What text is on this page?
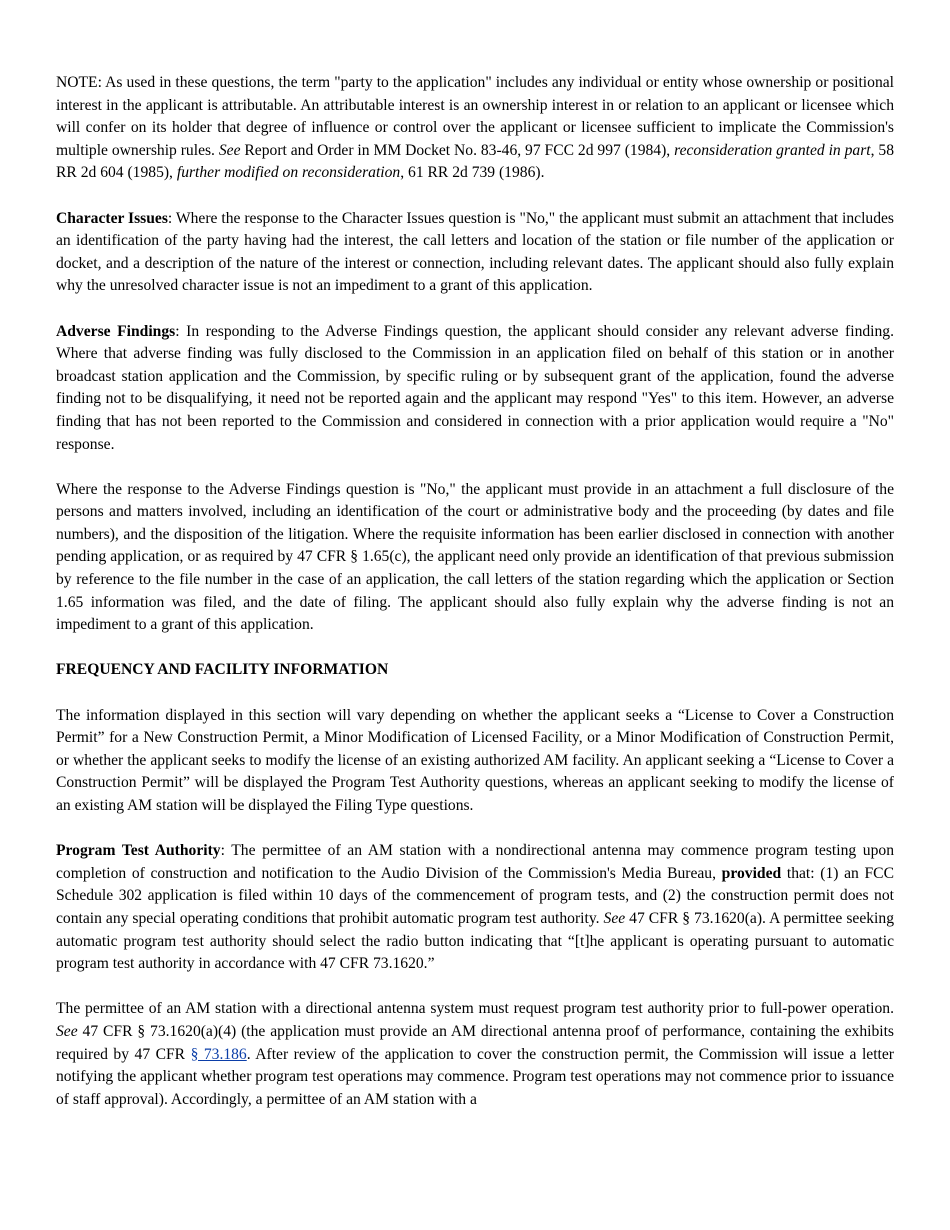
NOTE: As used in these questions, the term "party to the application" includes any individual or entity whose ownership or positional interest in the applicant is attributable. An attributable interest is an ownership interest in or relation to an applicant or licensee which will confer on its holder that degree of influence or control over the applicant or licensee sufficient to implicate the Commission's multiple ownership rules. See Report and Order in MM Docket No. 83-46, 97 FCC 2d 997 (1984), reconsideration granted in part, 58 RR 2d 604 (1985), further modified on reconsideration, 61 RR 2d 739 (1986).

Character Issues: Where the response to the Character Issues question is "No," the applicant must submit an attachment that includes an identification of the party having had the interest, the call letters and location of the station or file number of the application or docket, and a description of the nature of the interest or connection, including relevant dates. The applicant should also fully explain why the unresolved character issue is not an impediment to a grant of this application.

Adverse Findings: In responding to the Adverse Findings question, the applicant should consider any relevant adverse finding. Where that adverse finding was fully disclosed to the Commission in an application filed on behalf of this station or in another broadcast station application and the Commission, by specific ruling or by subsequent grant of the application, found the adverse finding not to be disqualifying, it need not be reported again and the applicant may respond "Yes" to this item. However, an adverse finding that has not been reported to the Commission and considered in connection with a prior application would require a "No" response.

Where the response to the Adverse Findings question is "No," the applicant must provide in an attachment a full disclosure of the persons and matters involved, including an identification of the court or administrative body and the proceeding (by dates and file numbers), and the disposition of the litigation. Where the requisite information has been earlier disclosed in connection with another pending application, or as required by 47 CFR § 1.65(c), the applicant need only provide an identification of that previous submission by reference to the file number in the case of an application, the call letters of the station regarding which the application or Section 1.65 information was filed, and the date of filing. The applicant should also fully explain why the adverse finding is not an impediment to a grant of this application.

FREQUENCY AND FACILITY INFORMATION

The information displayed in this section will vary depending on whether the applicant seeks a “License to Cover a Construction Permit” for a New Construction Permit, a Minor Modification of Licensed Facility, or a Minor Modification of Construction Permit, or whether the applicant seeks to modify the license of an existing authorized AM facility. An applicant seeking a “License to Cover a Construction Permit” will be displayed the Program Test Authority questions, whereas an applicant seeking to modify the license of an existing AM station will be displayed the Filing Type questions.

Program Test Authority: The permittee of an AM station with a nondirectional antenna may commence program testing upon completion of construction and notification to the Audio Division of the Commission's Media Bureau, provided that: (1) an FCC Schedule 302 application is filed within 10 days of the commencement of program tests, and (2) the construction permit does not contain any special operating conditions that prohibit automatic program test authority. See 47 CFR § 73.1620(a). A permittee seeking automatic program test authority should select the radio button indicating that “[t]he applicant is operating pursuant to automatic program test authority in accordance with 47 CFR 73.1620.”

The permittee of an AM station with a directional antenna system must request program test authority prior to full-power operation. See 47 CFR § 73.1620(a)(4) (the application must provide an AM directional antenna proof of performance, containing the exhibits required by 47 CFR § 73.186. After review of the application to cover the construction permit, the Commission will issue a letter notifying the applicant whether program test operations may commence. Program test operations may not commence prior to issuance of staff approval). Accordingly, a permittee of an AM station with a
